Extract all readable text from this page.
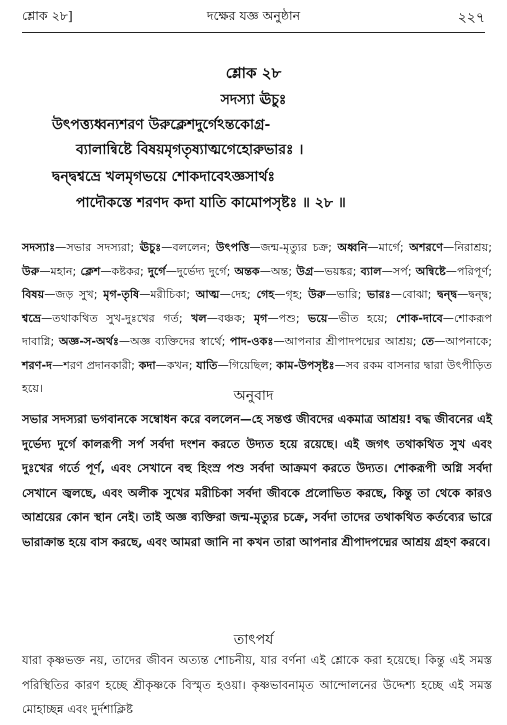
শ্লোক ২৮]	দক্ষের যজ্ঞ অনুষ্ঠান	২২৭
শ্লোক ২৮
সদস্যা ঊচুঃ
উৎপত্ত্যধ্বন্যশরণ উরুক্লেশদুর্গেঽন্তকোগ্র-
ব্যালান্বিষ্টে বিষয়মৃগতৃষ্যাত্মগেহোরুভারঃ ।
দ্বন্দ্বশ্বভ্রে খলমৃগভয়ে শোকদাবেঽজ্ঞসার্থঃ
পাদৌকস্তে শরণদ কদা যাতি কামোপসৃষ্টঃ ॥ ২৮ ॥
সদস্যাঃ—সভার সদস্যরা; ঊচুঃ—বললেন; উৎপত্তি—জন্ম-মৃত্যুর চক্র; অধ্বনি—মার্গে; অশরণে—নিরাশ্রয়; উরু—মহান; ক্লেশ—কষ্টকর; দুর্গে—দুর্ভেদ্য দুর্গে; অন্তক—অন্ত; উগ্র—ভয়ঙ্কর; ব্যাল—সর্প; অন্বিষ্টে—পরিপূর্ণ; বিষয়—জড় সুখ; মৃগ-তৃষি—মরীচিকা; আত্ম—দেহ; গেহ—গৃহ; উরু—ভারি; ভারঃ—বোঝা; দ্বন্দ্ব—দ্বন্দ্ব; শ্বভ্রে—তথাকথিত সুখ-দুঃখের গর্ত; খল—বঞ্চক; মৃগ—পশু; ভয়ে—ভীত হয়ে; শোক-দাবে—শোকরূপ দাবাগ্নি; অজ্ঞ-স-অর্থঃ—অজ্ঞ ব্যক্তিদের স্বার্থে; পাদ-ওকঃ—আপনার শ্রীপাদপদ্মের আশ্রয়; তে—আপনাকে; শরণ-দ—শরণ প্রদানকারী; কদা—কখন; যাতি—গিয়েছিল; কাম-উপসৃষ্টঃ—সব রকম বাসনার দ্বারা উৎপীড়িত হয়ে।	অনুবাদ
সভার সদস্যরা ভগবানকে সম্বোধন করে বললেন—হে সন্তপ্ত জীবদের একমাত্র আশ্রয়! বদ্ধ জীবনের এই দুর্ভেদ্য দুর্গে কালরূপী সর্প সর্বদা দংশন করতে উদ্যত হয়ে রয়েছে। এই জগৎ তথাকথিত সুখ এবং দুঃখের গর্তে পূর্ণ, এবং সেখানে বহু হিংস্র পশু সর্বদা আক্রমণ করতে উদ্যত। শোকরূপী অগ্নি সর্বদা সেখানে জ্বলছে, এবং অলীক সুখের মরীচিকা সর্বদা জীবকে প্রলোভিত করছে, কিন্তু তা থেকে কারও আশ্রয়ের কোন স্থান নেই। তাই অজ্ঞ ব্যক্তিরা জন্ম-মৃত্যুর চক্রে, সর্বদা তাদের তথাকথিত কর্তব্যের ভারে ভারাক্রান্ত হয়ে বাস করছে, এবং আমরা জানি না কখন তারা আপনার শ্রীপাদপদ্মের আশ্রয় গ্রহণ করবে।
তাৎপর্য
যারা কৃষ্ণভক্ত নয়, তাদের জীবন অত্যন্ত শোচনীয়, যার বর্ণনা এই শ্লোকে করা হয়েছে। কিন্তু এই সমস্ত পরিস্থিতির কারণ হচ্ছে শ্রীকৃষ্ণকে বিস্মৃত হওয়া। কৃষ্ণভাবনামৃত আন্দোলনের উদ্দেশ্য হচ্ছে এই সমস্ত মোহাচ্ছন্ন এবং দুর্দশাক্লিষ্ট
